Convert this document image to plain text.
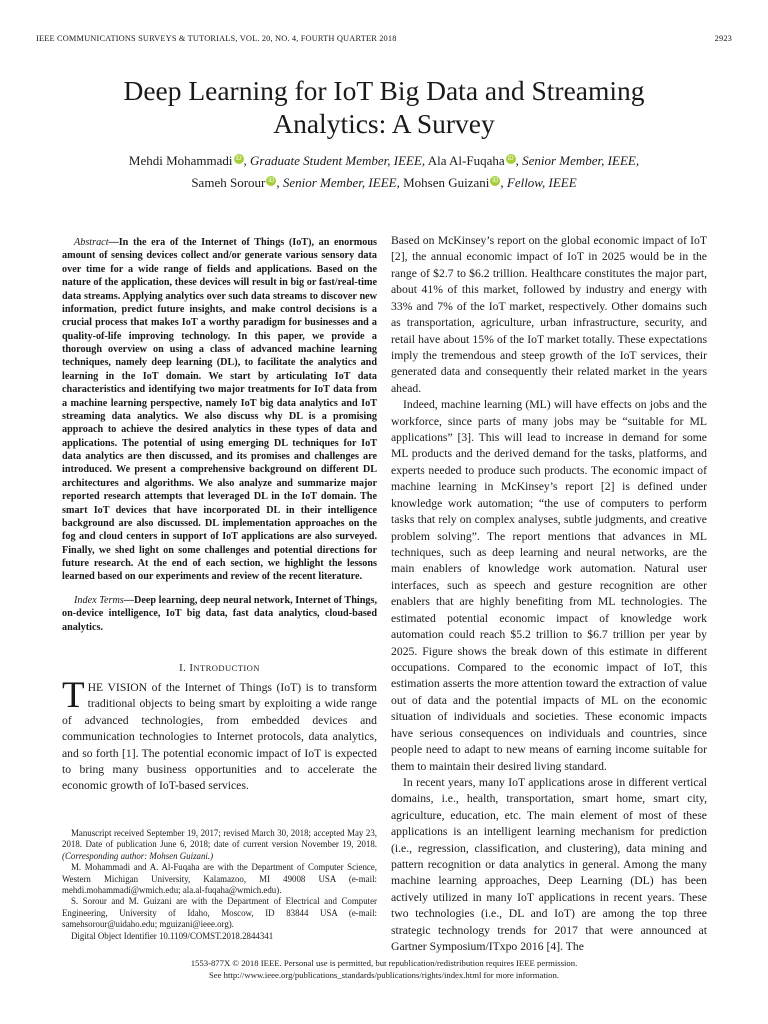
IEEE COMMUNICATIONS SURVEYS & TUTORIALS, VOL. 20, NO. 4, FOURTH QUARTER 2018	2923
Deep Learning for IoT Big Data and Streaming
Analytics: A Survey
Mehdi Mohammadi iD , Graduate Student Member, IEEE, Ala Al-Fuqaha iD , Senior Member, IEEE,
Sameh Sorour iD , Senior Member, IEEE, Mohsen Guizani iD , Fellow, IEEE

Abstract—In the era of the Internet of Things (IoT), an enormous amount of sensing devices collect and/or generate various sensory data over time for a wide range of fields and applications. Based on the nature of the application, these devices will result in big or fast/real-time data streams. Applying analytics over such data streams to discover new information, predict future insights, and make control decisions is a crucial process that makes IoT a worthy paradigm for businesses and a quality-of-life improving technology. In this paper, we provide a thorough overview on using a class of advanced machine learning techniques, namely deep learning (DL), to facilitate the analytics and learning in the IoT domain. We start by articulating IoT data characteristics and identifying two major treatments for IoT data from a machine learning perspective, namely IoT big data analytics and IoT streaming data analytics. We also discuss why DL is a promising approach to achieve the desired analytics in these types of data and applications. The potential of using emerging DL techniques for IoT data analytics are then discussed, and its promises and challenges are introduced. We present a comprehensive background on different DL architectures and algorithms. We also analyze and summarize major reported research attempts that leveraged DL in the IoT domain. The smart IoT devices that have incorporated DL in their intelligence background are also discussed. DL implementation approaches on the fog and cloud centers in support of IoT applications are also surveyed. Finally, we shed light on some challenges and potential directions for future research. At the end of each section, we highlight the lessons learned based on our experiments and review of the recent literature.

Index Terms—Deep learning, deep neural network, Internet of Things, on-device intelligence, IoT big data, fast data analytics, cloud-based analytics.

I. INTRODUCTION

THE VISION of the Internet of Things (IoT) is to transform traditional objects to being smart by exploiting a wide range of advanced technologies, from embedded devices and communication technologies to Internet protocols, data analytics, and so forth [1]. The potential economic impact of IoT is expected to bring many business opportunities and to accelerate the economic growth of IoT-based services.

Manuscript received September 19, 2017; revised March 30, 2018; accepted May 23, 2018. Date of publication June 6, 2018; date of current version November 19, 2018. (Corresponding author: Mohsen Guizani.)

M. Mohammadi and A. Al-Fuqaha are with the Department of Computer Science, Western Michigan University, Kalamazoo, MI 49008 USA (e-mail: mehdi.mohammadi@wmich.edu; ala.al-fuqaha@wmich.edu).

S. Sorour and M. Guizani are with the Department of Electrical and Computer Engineering, University of Idaho, Moscow, ID 83844 USA (e-mail: samehsorour@uidaho.edu; mguizani@ieee.org).

Digital Object Identifier 10.1109/COMST.2018.2844341

Based on McKinsey’s report on the global economic impact of IoT [2], the annual economic impact of IoT in 2025 would be in the range of $2.7 to $6.2 trillion. Healthcare constitutes the major part, about 41% of this market, followed by industry and energy with 33% and 7% of the IoT market, respectively. Other domains such as transportation, agriculture, urban infrastructure, security, and retail have about 15% of the IoT market totally. These expectations imply the tremendous and steep growth of the IoT services, their generated data and consequently their related market in the years ahead.

Indeed, machine learning (ML) will have effects on jobs and the workforce, since parts of many jobs may be “suitable for ML applications” [3]. This will lead to increase in demand for some ML products and the derived demand for the tasks, platforms, and experts needed to produce such products. The economic impact of machine learning in McKinsey’s report [2] is defined under knowledge work automation; “the use of computers to perform tasks that rely on complex analyses, subtle judgments, and creative problem solving”. The report mentions that advances in ML techniques, such as deep learning and neural networks, are the main enablers of knowledge work automation. Natural user interfaces, such as speech and gesture recognition are other enablers that are highly benefiting from ML technologies. The estimated potential economic impact of knowledge work automation could reach $5.2 trillion to $6.7 trillion per year by 2025. Figure shows the break down of this estimate in different occupations. Compared to the economic impact of IoT, this estimation asserts the more attention toward the extraction of value out of data and the potential impacts of ML on the economic situation of individuals and societies. These economic impacts have serious consequences on individuals and countries, since people need to adapt to new means of earning income suitable for them to maintain their desired living standard.

In recent years, many IoT applications arose in different vertical domains, i.e., health, transportation, smart home, smart city, agriculture, education, etc. The main element of most of these applications is an intelligent learning mechanism for prediction (i.e., regression, classification, and clustering), data mining and pattern recognition or data analytics in general. Among the many machine learning approaches, Deep Learning (DL) has been actively utilized in many IoT applications in recent years. These two technologies (i.e., DL and IoT) are among the top three strategic technology trends for 2017 that were announced at Gartner Symposium/ITxpo 2016 [4]. The

1553-877X © 2018 IEEE. Personal use is permitted, but republication/redistribution requires IEEE permission.
See http://www.ieee.org/publications_standards/publications/rights/index.html for more information.
